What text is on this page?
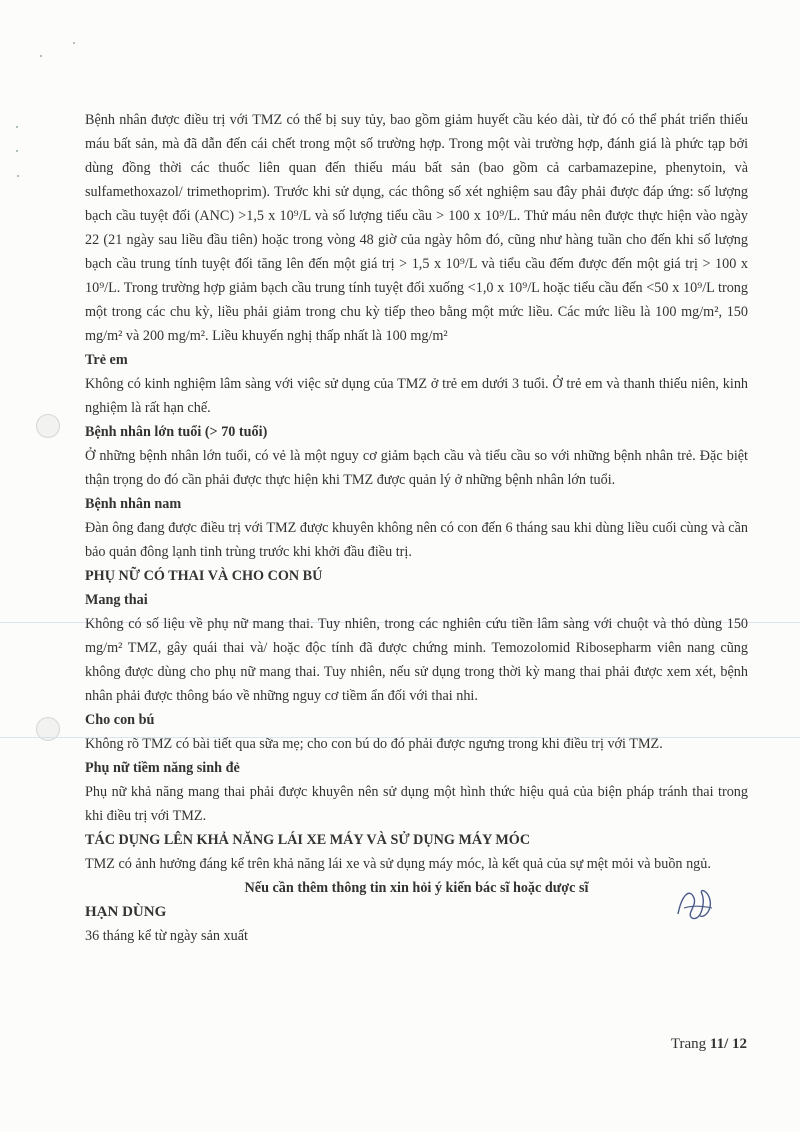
Bệnh nhân được điều trị với TMZ có thể bị suy tủy, bao gồm giảm huyết cầu kéo dài, từ đó có thể phát triển thiếu máu bất sản, mà đã dẫn đến cái chết trong một số trường hợp. Trong một vài trường hợp, đánh giá là phức tạp bởi dùng đồng thời các thuốc liên quan đến thiếu máu bất sản (bao gồm cả carbamazepine, phenytoin, và sulfamethoxazol/ trimethoprim). Trước khi sử dụng, các thông số xét nghiệm sau đây phải được đáp ứng: số lượng bạch cầu tuyệt đối (ANC) >1,5 x 10⁹/L và số lượng tiểu cầu > 100 x 10⁹/L. Thử máu nên được thực hiện vào ngày 22 (21 ngày sau liều đầu tiên) hoặc trong vòng 48 giờ của ngày hôm đó, cũng như hàng tuần cho đến khi số lượng bạch cầu trung tính tuyệt đối tăng lên đến một giá trị > 1,5 x 10⁹/L và tiểu cầu đếm được đến một giá trị > 100 x 10⁹/L. Trong trường hợp giảm bạch cầu trung tính tuyệt đối xuống <1,0 x 10⁹/L hoặc tiểu cầu đến <50 x 10⁹/L trong một trong các chu kỳ, liều phải giảm trong chu kỳ tiếp theo bằng một mức liều. Các mức liều là 100 mg/m², 150 mg/m² và 200 mg/m². Liều khuyến nghị thấp nhất là 100 mg/m²

Trẻ em

Không có kinh nghiệm lâm sàng với việc sử dụng của TMZ ở trẻ em dưới 3 tuổi. Ở trẻ em và thanh thiếu niên, kinh nghiệm là rất hạn chế.

Bệnh nhân lớn tuổi (> 70 tuổi)

Ở những bệnh nhân lớn tuổi, có vẻ là một nguy cơ giảm bạch cầu và tiểu cầu so với những bệnh nhân trẻ. Đặc biệt thận trọng do đó cần phải được thực hiện khi TMZ được quản lý ở những bệnh nhân lớn tuổi.

Bệnh nhân nam

Đàn ông đang được điều trị với TMZ được khuyên không nên có con đến 6 tháng sau khi dùng liều cuối cùng và cần bảo quản đông lạnh tinh trùng trước khi khởi đầu điều trị.

PHỤ NỮ CÓ THAI VÀ CHO CON BÚ

Mang thai

Không có số liệu về phụ nữ mang thai. Tuy nhiên, trong các nghiên cứu tiền lâm sàng với chuột và thỏ dùng 150 mg/m² TMZ, gây quái thai và/ hoặc độc tính đã được chứng minh. Temozolomid Ribosepharm viên nang cũng không được dùng cho phụ nữ mang thai. Tuy nhiên, nếu sử dụng trong thời kỳ mang thai phải được xem xét, bệnh nhân phải được thông báo về những nguy cơ tiềm ẩn đối với thai nhi.

Cho con bú

Không rõ TMZ có bài tiết qua sữa mẹ; cho con bú do đó phải được ngưng trong khi điều trị với TMZ.

Phụ nữ tiềm năng sinh đẻ

Phụ nữ khả năng mang thai phải được khuyên nên sử dụng một hình thức hiệu quả của biện pháp tránh thai trong khi điều trị với TMZ.

TÁC DỤNG LÊN KHẢ NĂNG LÁI XE MÁY VÀ SỬ DỤNG MÁY MÓC

TMZ có ảnh hưởng đáng kể trên khả năng lái xe và sử dụng máy móc, là kết quả của sự mệt mỏi và buồn ngủ.

Nếu cần thêm thông tin xin hỏi ý kiến bác sĩ hoặc dược sĩ

HẠN DÙNG

36 tháng kể từ ngày sản xuất

Trang 11/ 12
